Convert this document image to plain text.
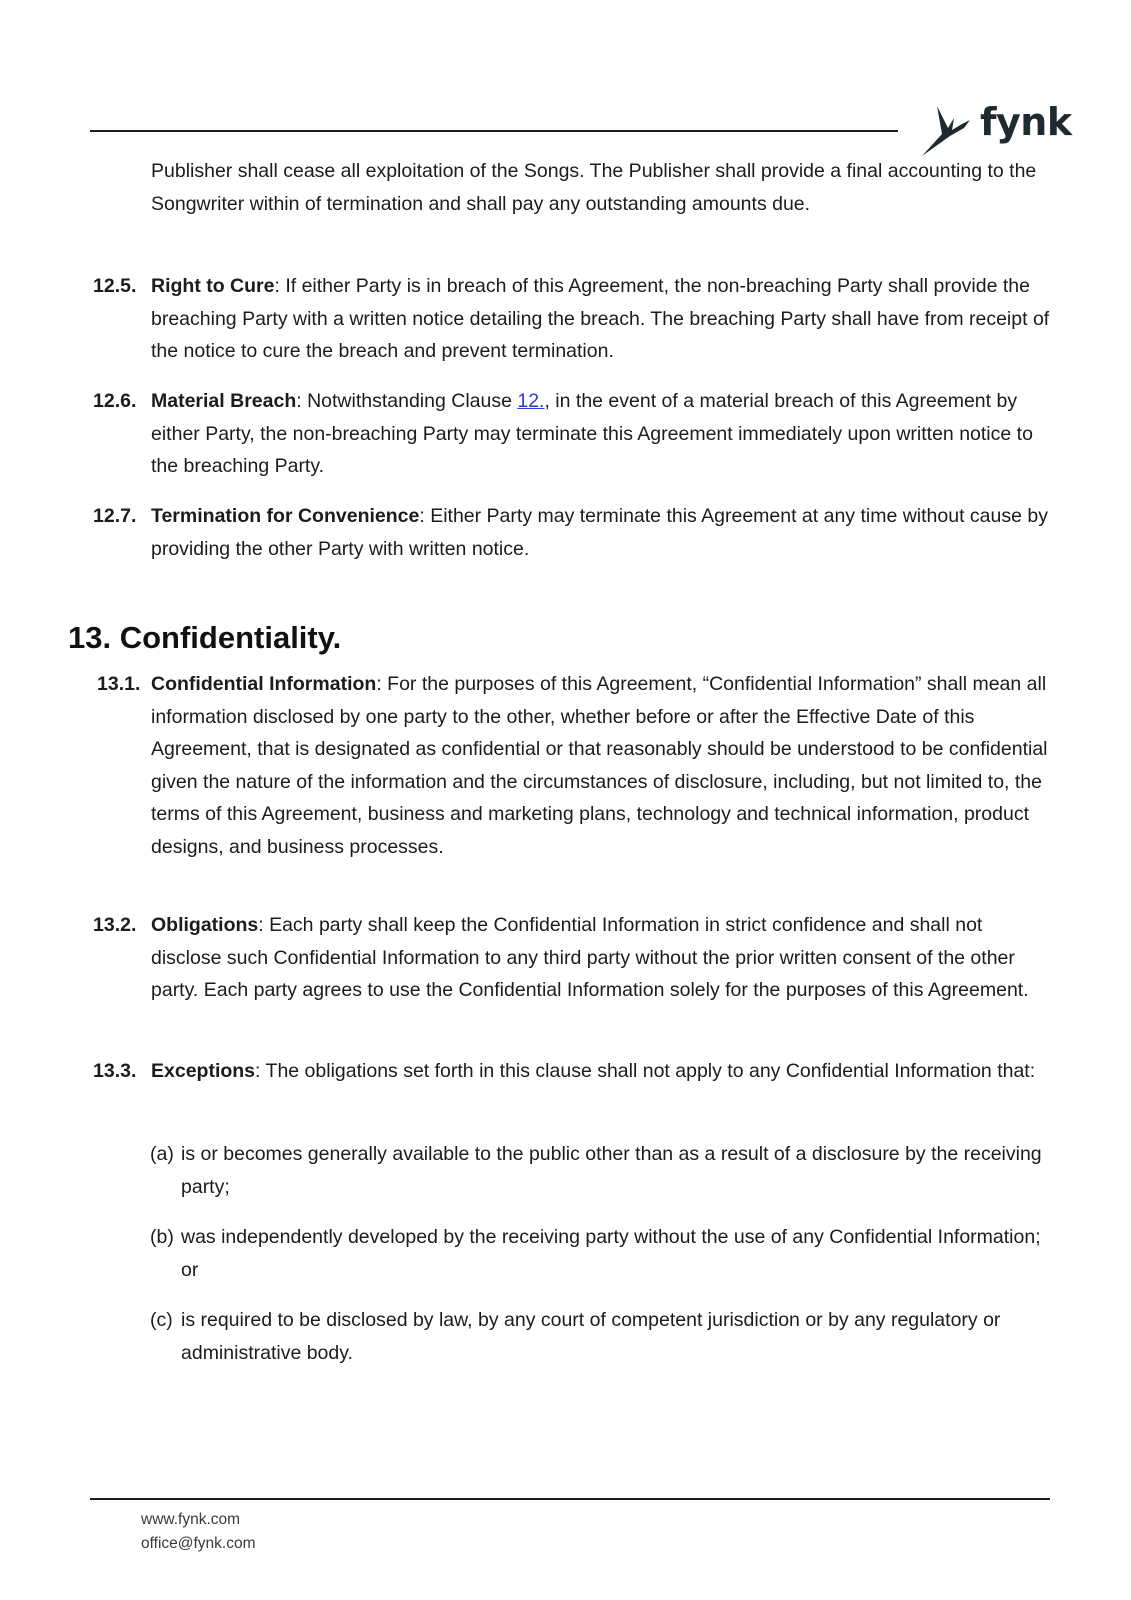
fynk
Publisher shall cease all exploitation of the Songs. The Publisher shall provide a final accounting to the Songwriter within of termination and shall pay any outstanding amounts due.
12.5. Right to Cure: If either Party is in breach of this Agreement, the non-breaching Party shall provide the breaching Party with a written notice detailing the breach. The breaching Party shall have from receipt of the notice to cure the breach and prevent termination.
12.6. Material Breach: Notwithstanding Clause 12., in the event of a material breach of this Agreement by either Party, the non-breaching Party may terminate this Agreement immediately upon written notice to the breaching Party.
12.7. Termination for Convenience: Either Party may terminate this Agreement at any time without cause by providing the other Party with written notice.
13. Confidentiality.
13.1. Confidential Information: For the purposes of this Agreement, “Confidential Information” shall mean all information disclosed by one party to the other, whether before or after the Effective Date of this Agreement, that is designated as confidential or that reasonably should be understood to be confidential given the nature of the information and the circumstances of disclosure, including, but not limited to, the terms of this Agreement, business and marketing plans, technology and technical information, product designs, and business processes.
13.2. Obligations: Each party shall keep the Confidential Information in strict confidence and shall not disclose such Confidential Information to any third party without the prior written consent of the other party. Each party agrees to use the Confidential Information solely for the purposes of this Agreement.
13.3. Exceptions: The obligations set forth in this clause shall not apply to any Confidential Information that:
(a) is or becomes generally available to the public other than as a result of a disclosure by the receiving party;
(b) was independently developed by the receiving party without the use of any Confidential Information; or
(c) is required to be disclosed by law, by any court of competent jurisdiction or by any regulatory or administrative body.
www.fynk.com
office@fynk.com
